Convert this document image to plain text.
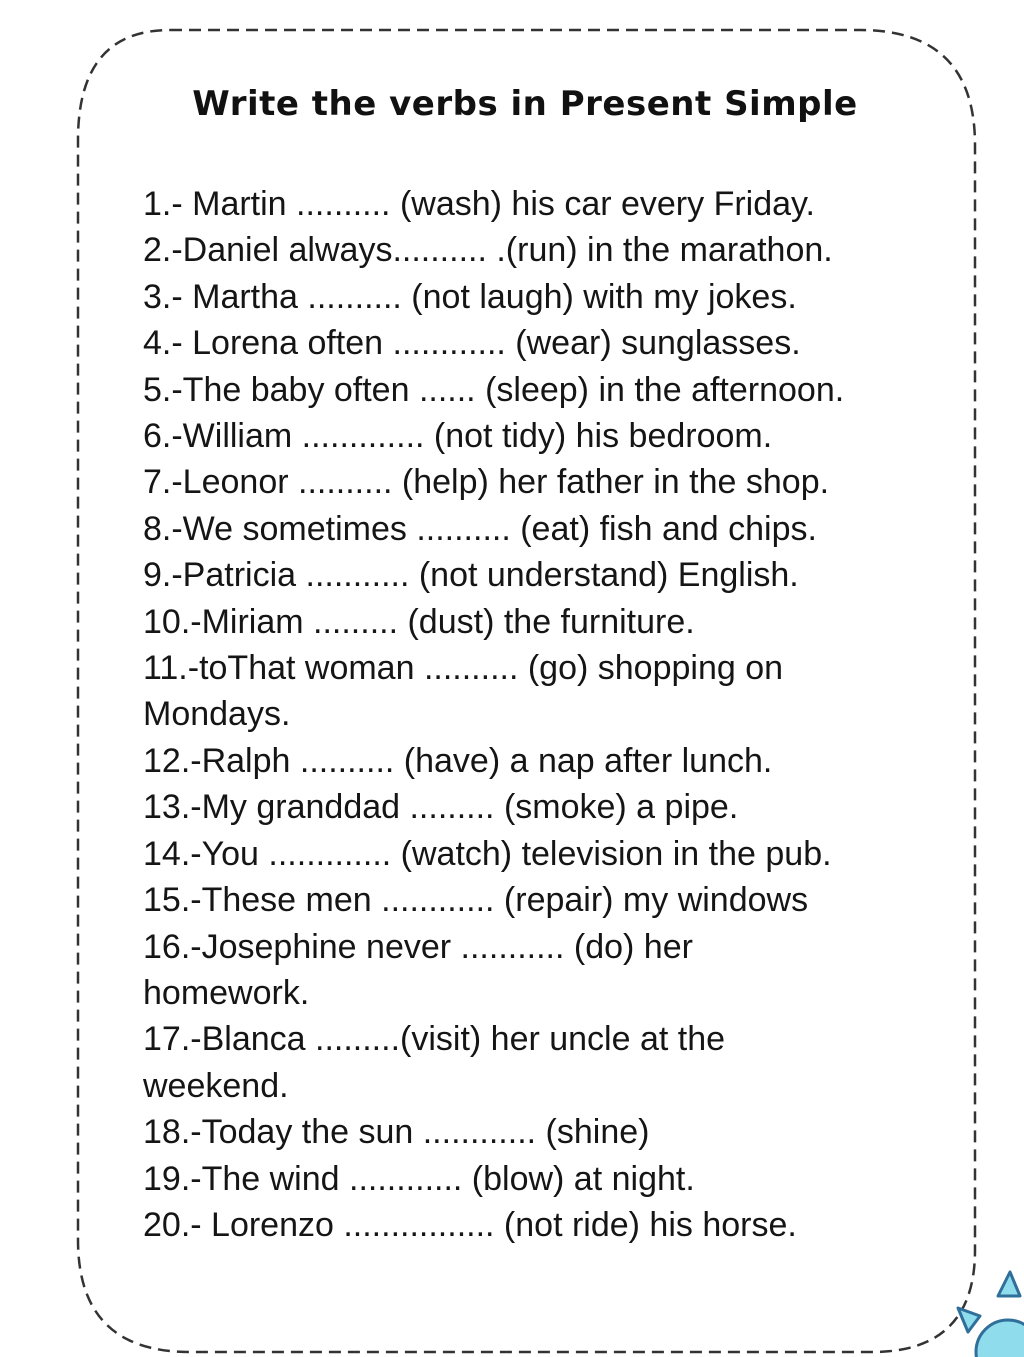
Write the verbs in Present Simple
1.- Martin .......... (wash) his car every Friday.
2.-Daniel always.......... .(run) in the marathon.
3.- Martha .......... (not laugh) with my jokes.
4.- Lorena often ............ (wear) sunglasses.
5.-The baby often ...... (sleep) in the afternoon.
6.-William ............. (not tidy) his bedroom.
7.-Leonor .......... (help) her father in the shop.
8.-We sometimes .......... (eat) fish and chips.
9.-Patricia ........... (not understand) English.
10.-Miriam ......... (dust) the furniture.
11.-toThat woman .......... (go) shopping on Mondays.
12.-Ralph .......... (have) a nap after lunch.
13.-My granddad ......... (smoke) a pipe.
14.-You ............. (watch) television in the pub.
15.-These men ............ (repair) my windows
16.-Josephine never ........... (do) her homework.
17.-Blanca .........(visit) her uncle at the weekend.
18.-Today the sun ............ (shine)
19.-The wind ............ (blow) at night.
20.- Lorenzo ................ (not ride) his horse.
